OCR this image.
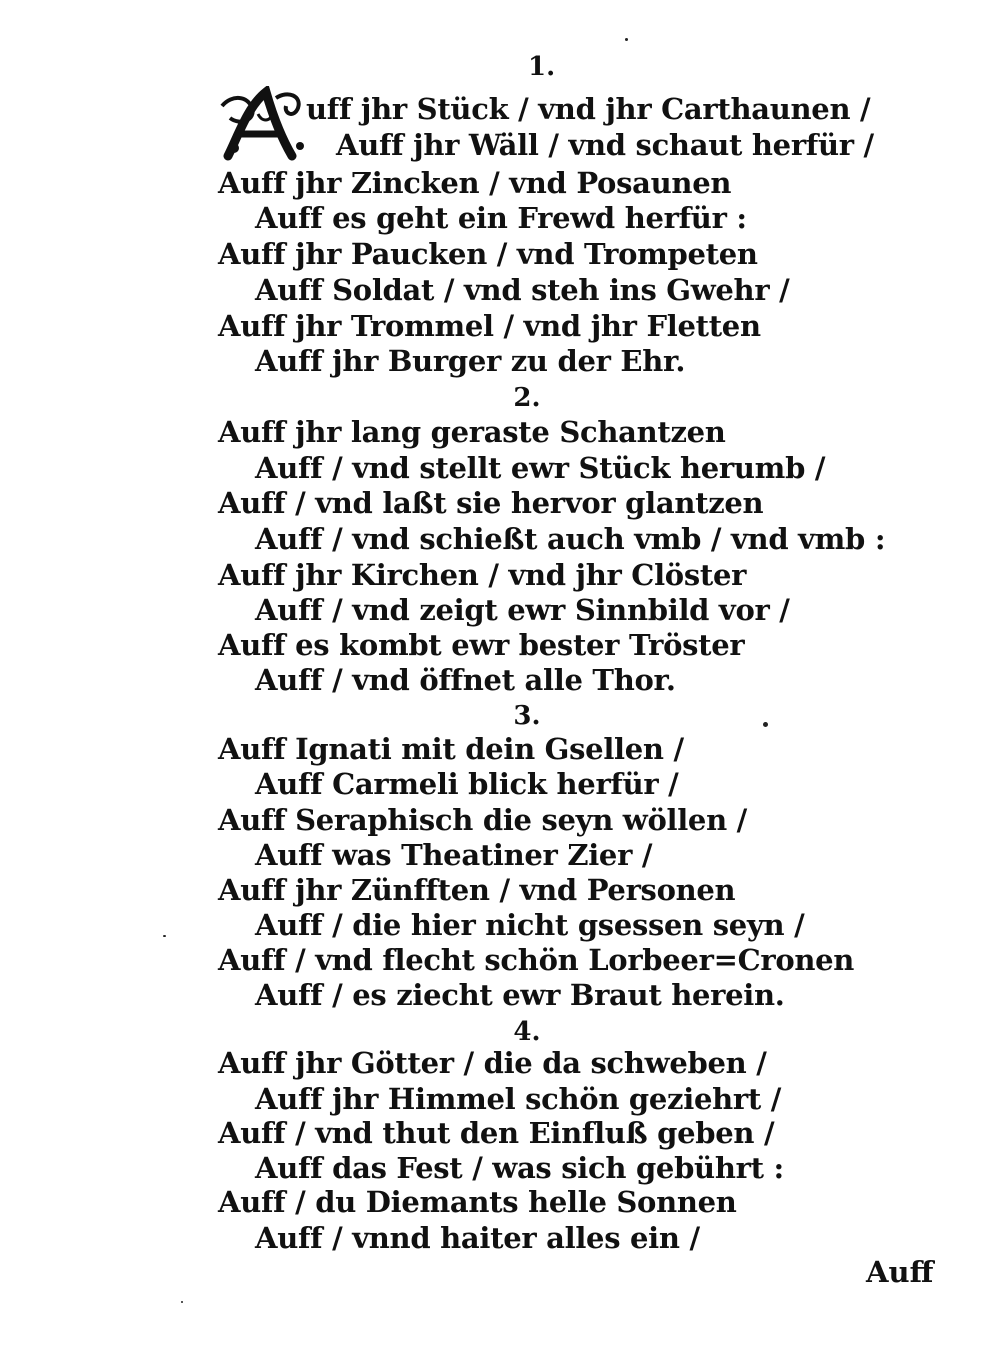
1.
uff jhr Stück / vnd jhr Carthaunen /
Auff jhr Wäll / vnd schaut herfür /
Auff jhr Zincken / vnd Posaunen
Auff es geht ein Frewd herfür :
Auff jhr Paucken / vnd Trompeten
Auff Soldat / vnd steh ins Gwehr /
Auff jhr Trommel / vnd jhr Fletten
Auff jhr Burger zu der Ehr.
2.
Auff jhr lang geraste Schantzen
Auff / vnd stellt ewr Stück herumb /
Auff / vnd laßt sie hervor glantzen
Auff / vnd schießt auch vmb / vnd vmb :
Auff jhr Kirchen / vnd jhr Clöster
Auff / vnd zeigt ewr Sinnbild vor /
Auff es kombt ewr bester Tröster
Auff / vnd öffnet alle Thor.
3.
Auff Ignati mit dein Gsellen /
Auff Carmeli blick herfür /
Auff Seraphisch die seyn wöllen /
Auff was Theatiner Zier /
Auff jhr Zünfften / vnd Personen
Auff / die hier nicht gsessen seyn /
Auff / vnd flecht schön Lorbeer=Cronen
Auff / es ziecht ewr Braut herein.
4.
Auff jhr Götter / die da schweben /
Auff jhr Himmel schön geziehrt /
Auff / vnd thut den Einfluß geben /
Auff das Fest / was sich gebührt :
Auff / du Diemants helle Sonnen
Auff / vnnd haiter alles ein /
Auff
